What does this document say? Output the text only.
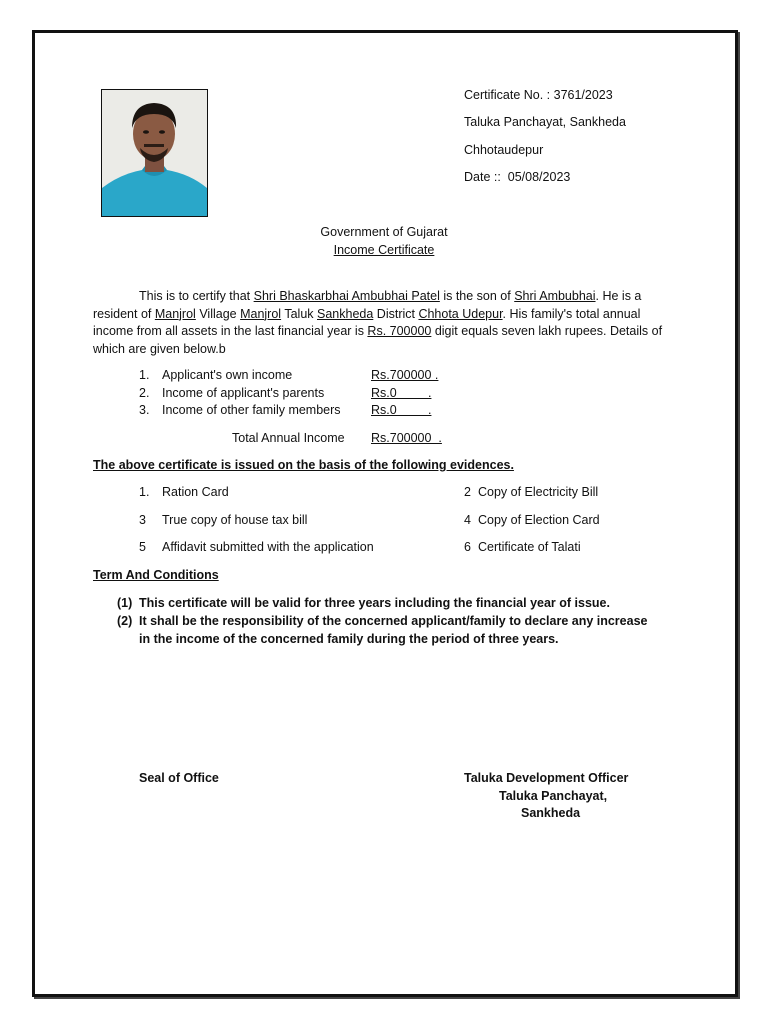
Certificate No. : 3761/2023
Taluka Panchayat, Sankheda
Chhotaudepur
Date :: 05/08/2023
Government of Gujarat
Income Certificate
This is to certify that Shri Bhaskarbhai Ambubhai Patel is the son of Shri Ambubhai. He is a resident of Manjrol Village Manjrol Taluk Sankheda District Chhota Udepur. His family's total annual income from all assets in the last financial year is Rs. 700000 digit equals seven lakh rupees. Details of which are given below.b
1. Applicant's own income	Rs.700000 .
2. Income of applicant's parents	Rs.0         .
3. Income of other family members Rs.0         .
Total Annual Income Rs.700000  .
The above certificate is issued on the basis of the following evidences.
1. Ration Card	2 Copy of Electricity Bill
3 True copy of house tax bill	4 Copy of Election Card
5 Affidavit submitted with the application	6 Certificate of Talati
Term And Conditions
(1) This certificate will be valid for three years including the financial year of issue.
(2) It shall be the responsibility of the concerned applicant/family to declare any increase in the income of the concerned family during the period of three years.
Seal of Office	Taluka Development Officer
Taluka Panchayat,
Sankheda
